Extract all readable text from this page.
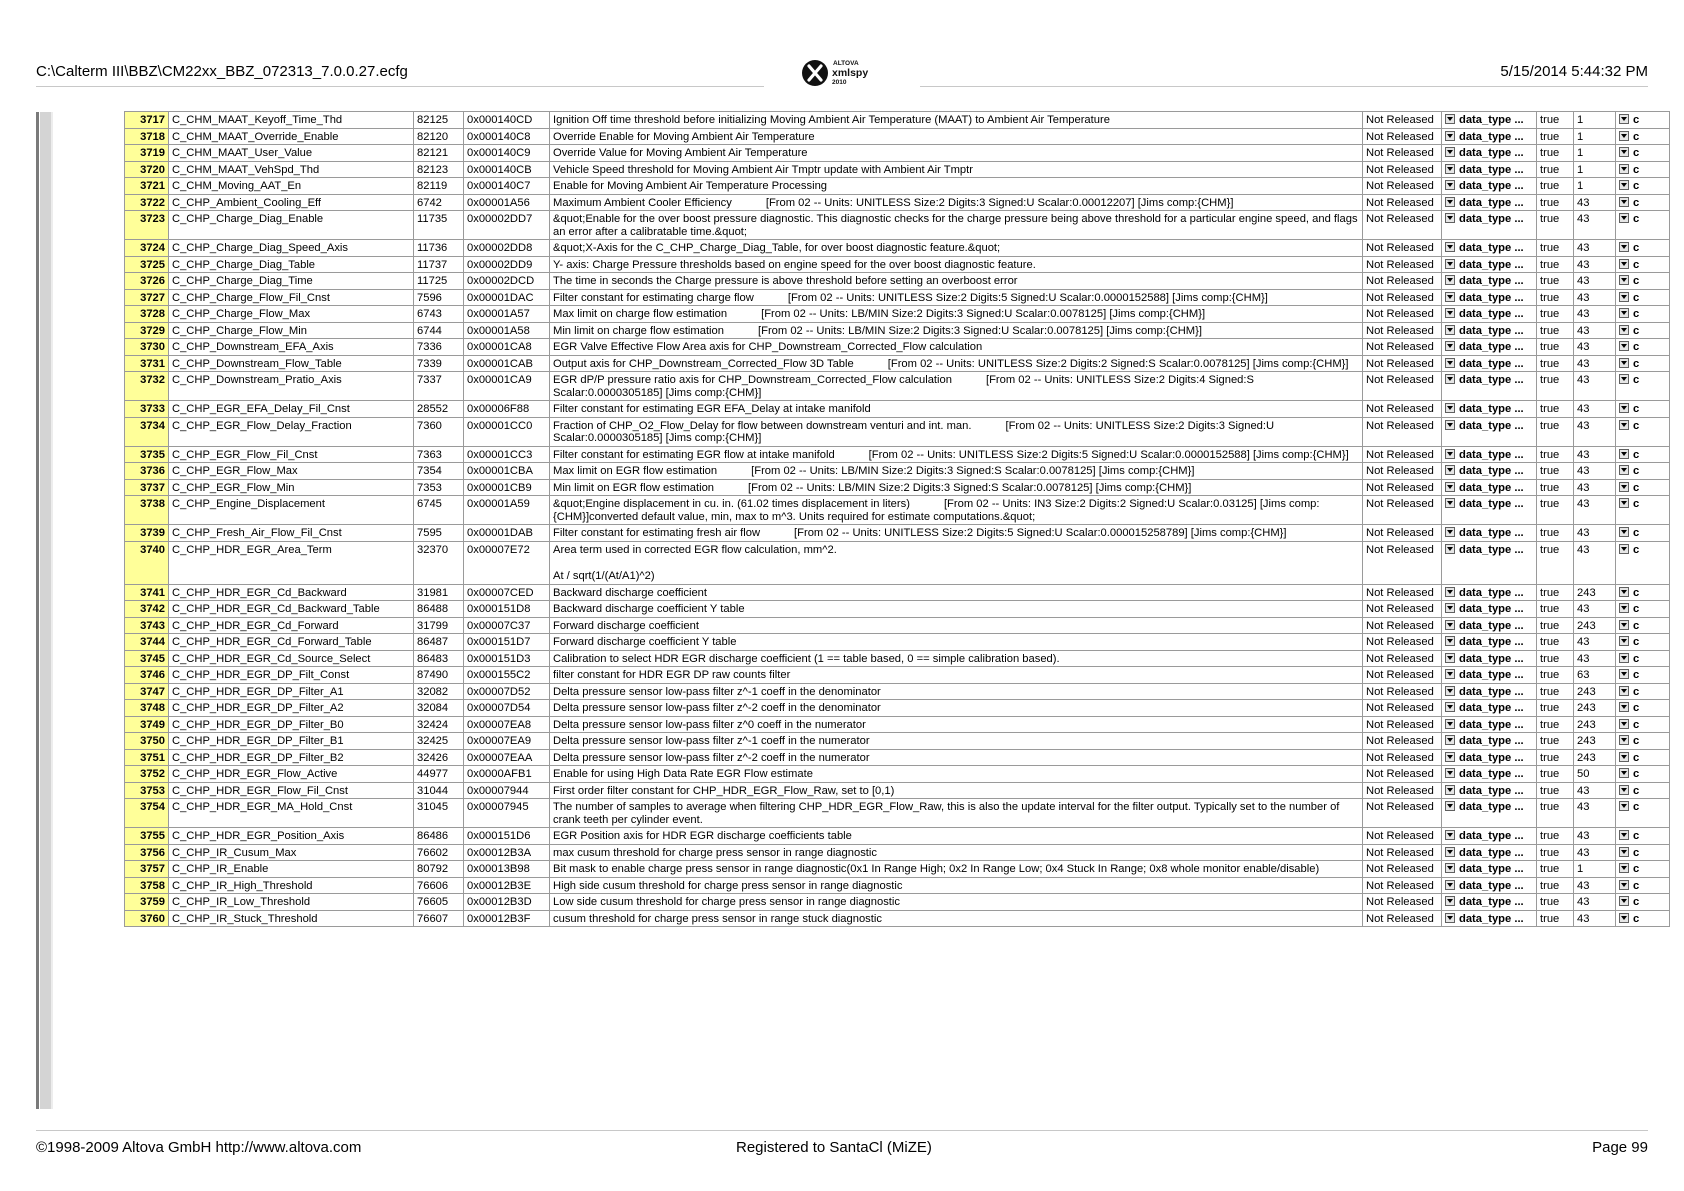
C:\Calterm III\BBZ\CM22xx_BBZ_072313_7.0.0.27.ecfg	ALTOVA
xmlspy
2010
5/15/2014 5:44:32 PM
3717	C_CHM_MAAT_Keyoff_Time_Thd	82125	0x000140CD	Ignition Off time threshold before initializing Moving Ambient Air Temperature (MAAT) to Ambient Air Temperature	Not Released	data_type ...	true	1	c
3718	C_CHM_MAAT_Override_Enable	82120	0x000140C8	Override Enable for Moving Ambient Air Temperature	Not Released	data_type ...	true	1	c
3719	C_CHM_MAAT_User_Value	82121	0x000140C9	Override Value for Moving Ambient Air Temperature	Not Released	data_type ...	true	1	c
3720	C_CHM_MAAT_VehSpd_Thd	82123	0x000140CB	Vehicle Speed threshold for Moving Ambient Air Tmptr update with Ambient Air Tmptr	Not Released	data_type ...	true	1	c
3721	C_CHM_Moving_AAT_En	82119	0x000140C7	Enable for Moving Ambient Air Temperature Processing	Not Released	data_type ...	true	1	c
3722	C_CHP_Ambient_Cooling_Eff	6742	0x00001A56	Maximum Ambient Cooler Efficiency [From 02 -- Units: UNITLESS Size:2 Digits:3 Signed:U Scalar:0.00012207] [Jims comp:{CHM}]	Not Released	data_type ...	true	43	c
3723	C_CHP_Charge_Diag_Enable	11735	0x00002DD7	&quot;Enable for the over boost pressure diagnostic. This diagnostic checks for the charge pressure being above threshold for a particular engine speed, and flags an error after a calibratable time.&quot;	Not Released	data_type ...	true	43	c
3724	C_CHP_Charge_Diag_Speed_Axis	11736	0x00002DD8	&quot;X-Axis for the C_CHP_Charge_Diag_Table, for over boost diagnostic feature.&quot;	Not Released	data_type ...	true	43	c
3725	C_CHP_Charge_Diag_Table	11737	0x00002DD9	Y- axis: Charge Pressure thresholds based on engine speed for the over boost diagnostic feature.	Not Released	data_type ...	true	43	c
3726	C_CHP_Charge_Diag_Time	11725	0x00002DCD	The time in seconds the Charge pressure is above threshold before setting an overboost error	Not Released	data_type ...	true	43	c
3727	C_CHP_Charge_Flow_Fil_Cnst	7596	0x00001DAC	Filter constant for estimating charge flow [From 02 -- Units: UNITLESS Size:2 Digits:5 Signed:U Scalar:0.0000152588] [Jims comp:{CHM}]	Not Released	data_type ...	true	43	c
3728	C_CHP_Charge_Flow_Max	6743	0x00001A57	Max limit on charge flow estimation [From 02 -- Units: LB/MIN Size:2 Digits:3 Signed:U Scalar:0.0078125] [Jims comp:{CHM}]	Not Released	data_type ...	true	43	c
3729	C_CHP_Charge_Flow_Min	6744	0x00001A58	Min limit on charge flow estimation [From 02 -- Units: LB/MIN Size:2 Digits:3 Signed:U Scalar:0.0078125] [Jims comp:{CHM}]	Not Released	data_type ...	true	43	c
3730	C_CHP_Downstream_EFA_Axis	7336	0x00001CA8	EGR Valve Effective Flow Area axis for CHP_Downstream_Corrected_Flow calculation	Not Released	data_type ...	true	43	c
3731	C_CHP_Downstream_Flow_Table	7339	0x00001CAB	Output axis for CHP_Downstream_Corrected_Flow 3D Table [From 02 -- Units: UNITLESS Size:2 Digits:2 Signed:S Scalar:0.0078125] [Jims comp:{CHM}]	Not Released	data_type ...	true	43	c
3732	C_CHP_Downstream_Pratio_Axis	7337	0x00001CA9	EGR dP/P pressure ratio axis for CHP_Downstream_Corrected_Flow calculation [From 02 -- Units: UNITLESS Size:2 Digits:4 Signed:S Scalar:0.0000305185] [Jims comp:{CHM}]	Not Released	data_type ...	true	43	c
3733	C_CHP_EGR_EFA_Delay_Fil_Cnst	28552	0x00006F88	Filter constant for estimating EGR EFA_Delay at intake manifold	Not Released	data_type ...	true	43	c
3734	C_CHP_EGR_Flow_Delay_Fraction	7360	0x00001CC0	Fraction of CHP_O2_Flow_Delay for flow between downstream venturi and int. man. [From 02 -- Units: UNITLESS Size:2 Digits:3 Signed:U Scalar:0.0000305185] [Jims comp:{CHM}]	Not Released	data_type ...	true	43	c
3735	C_CHP_EGR_Flow_Fil_Cnst	7363	0x00001CC3	Filter constant for estimating EGR flow at intake manifold [From 02 -- Units: UNITLESS Size:2 Digits:5 Signed:U Scalar:0.0000152588] [Jims comp:{CHM}]	Not Released	data_type ...	true	43	c
3736	C_CHP_EGR_Flow_Max	7354	0x00001CBA	Max limit on EGR flow estimation [From 02 -- Units: LB/MIN Size:2 Digits:3 Signed:S Scalar:0.0078125] [Jims comp:{CHM}]	Not Released	data_type ...	true	43	c
3737	C_CHP_EGR_Flow_Min	7353	0x00001CB9	Min limit on EGR flow estimation [From 02 -- Units: LB/MIN Size:2 Digits:3 Signed:S Scalar:0.0078125] [Jims comp:{CHM}]	Not Released	data_type ...	true	43	c
3738	C_CHP_Engine_Displacement	6745	0x00001A59	&quot;Engine displacement in cu. in. (61.02 times displacement in liters) [From 02 -- Units: IN3 Size:2 Digits:2 Signed:U Scalar:0.03125] [Jims comp:{CHM}]converted default value, min, max to m^3. Units required for estimate computations.&quot;	Not Released	data_type ...	true	43	c
3739	C_CHP_Fresh_Air_Flow_Fil_Cnst	7595	0x00001DAB	Filter constant for estimating fresh air flow [From 02 -- Units: UNITLESS Size:2 Digits:5 Signed:U Scalar:0.000015258789] [Jims comp:{CHM}]	Not Released	data_type ...	true	43	c
3740	C_CHP_HDR_EGR_Area_Term	32370	0x00007E72	Area term used in corrected EGR flow calculation, mm^2.
At / sqrt(1/(At/A1)^2)	Not Released	data_type ...	true	43	c
3741	C_CHP_HDR_EGR_Cd_Backward	31981	0x00007CED	Backward discharge coefficient	Not Released	data_type ...	true	243	c
3742	C_CHP_HDR_EGR_Cd_Backward_Table	86488	0x000151D8	Backward discharge coefficient Y table	Not Released	data_type ...	true	43	c
3743	C_CHP_HDR_EGR_Cd_Forward	31799	0x00007C37	Forward discharge coefficient	Not Released	data_type ...	true	243	c
3744	C_CHP_HDR_EGR_Cd_Forward_Table	86487	0x000151D7	Forward discharge coefficient Y table	Not Released	data_type ...	true	43	c
3745	C_CHP_HDR_EGR_Cd_Source_Select	86483	0x000151D3	Calibration to select HDR EGR discharge coefficient (1 == table based, 0 == simple calibration based).	Not Released	data_type ...	true	43	c
3746	C_CHP_HDR_EGR_DP_Filt_Const	87490	0x000155C2	filter constant for HDR EGR DP raw counts filter	Not Released	data_type ...	true	63	c
3747	C_CHP_HDR_EGR_DP_Filter_A1	32082	0x00007D52	Delta pressure sensor low-pass filter z^-1 coeff in the denominator	Not Released	data_type ...	true	243	c
3748	C_CHP_HDR_EGR_DP_Filter_A2	32084	0x00007D54	Delta pressure sensor low-pass filter z^-2 coeff in the denominator	Not Released	data_type ...	true	243	c
3749	C_CHP_HDR_EGR_DP_Filter_B0	32424	0x00007EA8	Delta pressure sensor low-pass filter z^0 coeff in the numerator	Not Released	data_type ...	true	243	c
3750	C_CHP_HDR_EGR_DP_Filter_B1	32425	0x00007EA9	Delta pressure sensor low-pass filter z^-1 coeff in the numerator	Not Released	data_type ...	true	243	c
3751	C_CHP_HDR_EGR_DP_Filter_B2	32426	0x00007EAA	Delta pressure sensor low-pass filter z^-2 coeff in the numerator	Not Released	data_type ...	true	243	c
3752	C_CHP_HDR_EGR_Flow_Active	44977	0x0000AFB1	Enable for using High Data Rate EGR Flow estimate	Not Released	data_type ...	true	50	c
3753	C_CHP_HDR_EGR_Flow_Fil_Cnst	31044	0x00007944	First order filter constant for CHP_HDR_EGR_Flow_Raw, set to [0,1)	Not Released	data_type ...	true	43	c
3754	C_CHP_HDR_EGR_MA_Hold_Cnst	31045	0x00007945	The number of samples to average when filtering CHP_HDR_EGR_Flow_Raw, this is also the update interval for the filter output. Typically set to the number of crank teeth per cylinder event.	Not Released	data_type ...	true	43	c
3755	C_CHP_HDR_EGR_Position_Axis	86486	0x000151D6	EGR Position axis for HDR EGR discharge coefficients table	Not Released	data_type ...	true	43	c
3756	C_CHP_IR_Cusum_Max	76602	0x00012B3A	max cusum threshold for charge press sensor in range diagnostic	Not Released	data_type ...	true	43	c
3757	C_CHP_IR_Enable	80792	0x00013B98	Bit mask to enable charge press sensor in range diagnostic(0x1 In Range High; 0x2 In Range Low; 0x4 Stuck In Range; 0x8 whole monitor enable/disable)	Not Released	data_type ...	true	1	c
3758	C_CHP_IR_High_Threshold	76606	0x00012B3E	High side cusum threshold for charge press sensor in range diagnostic	Not Released	data_type ...	true	43	c
3759	C_CHP_IR_Low_Threshold	76605	0x00012B3D	Low side cusum threshold for charge press sensor in range diagnostic	Not Released	data_type ...	true	43	c
3760	C_CHP_IR_Stuck_Threshold	76607	0x00012B3F	cusum threshold for charge press sensor in range stuck diagnostic	Not Released	data_type ...	true	43	c
©1998-2009 Altova GmbH http://www.altova.com	Registered to SantaCl (MiZE)	Page 99
